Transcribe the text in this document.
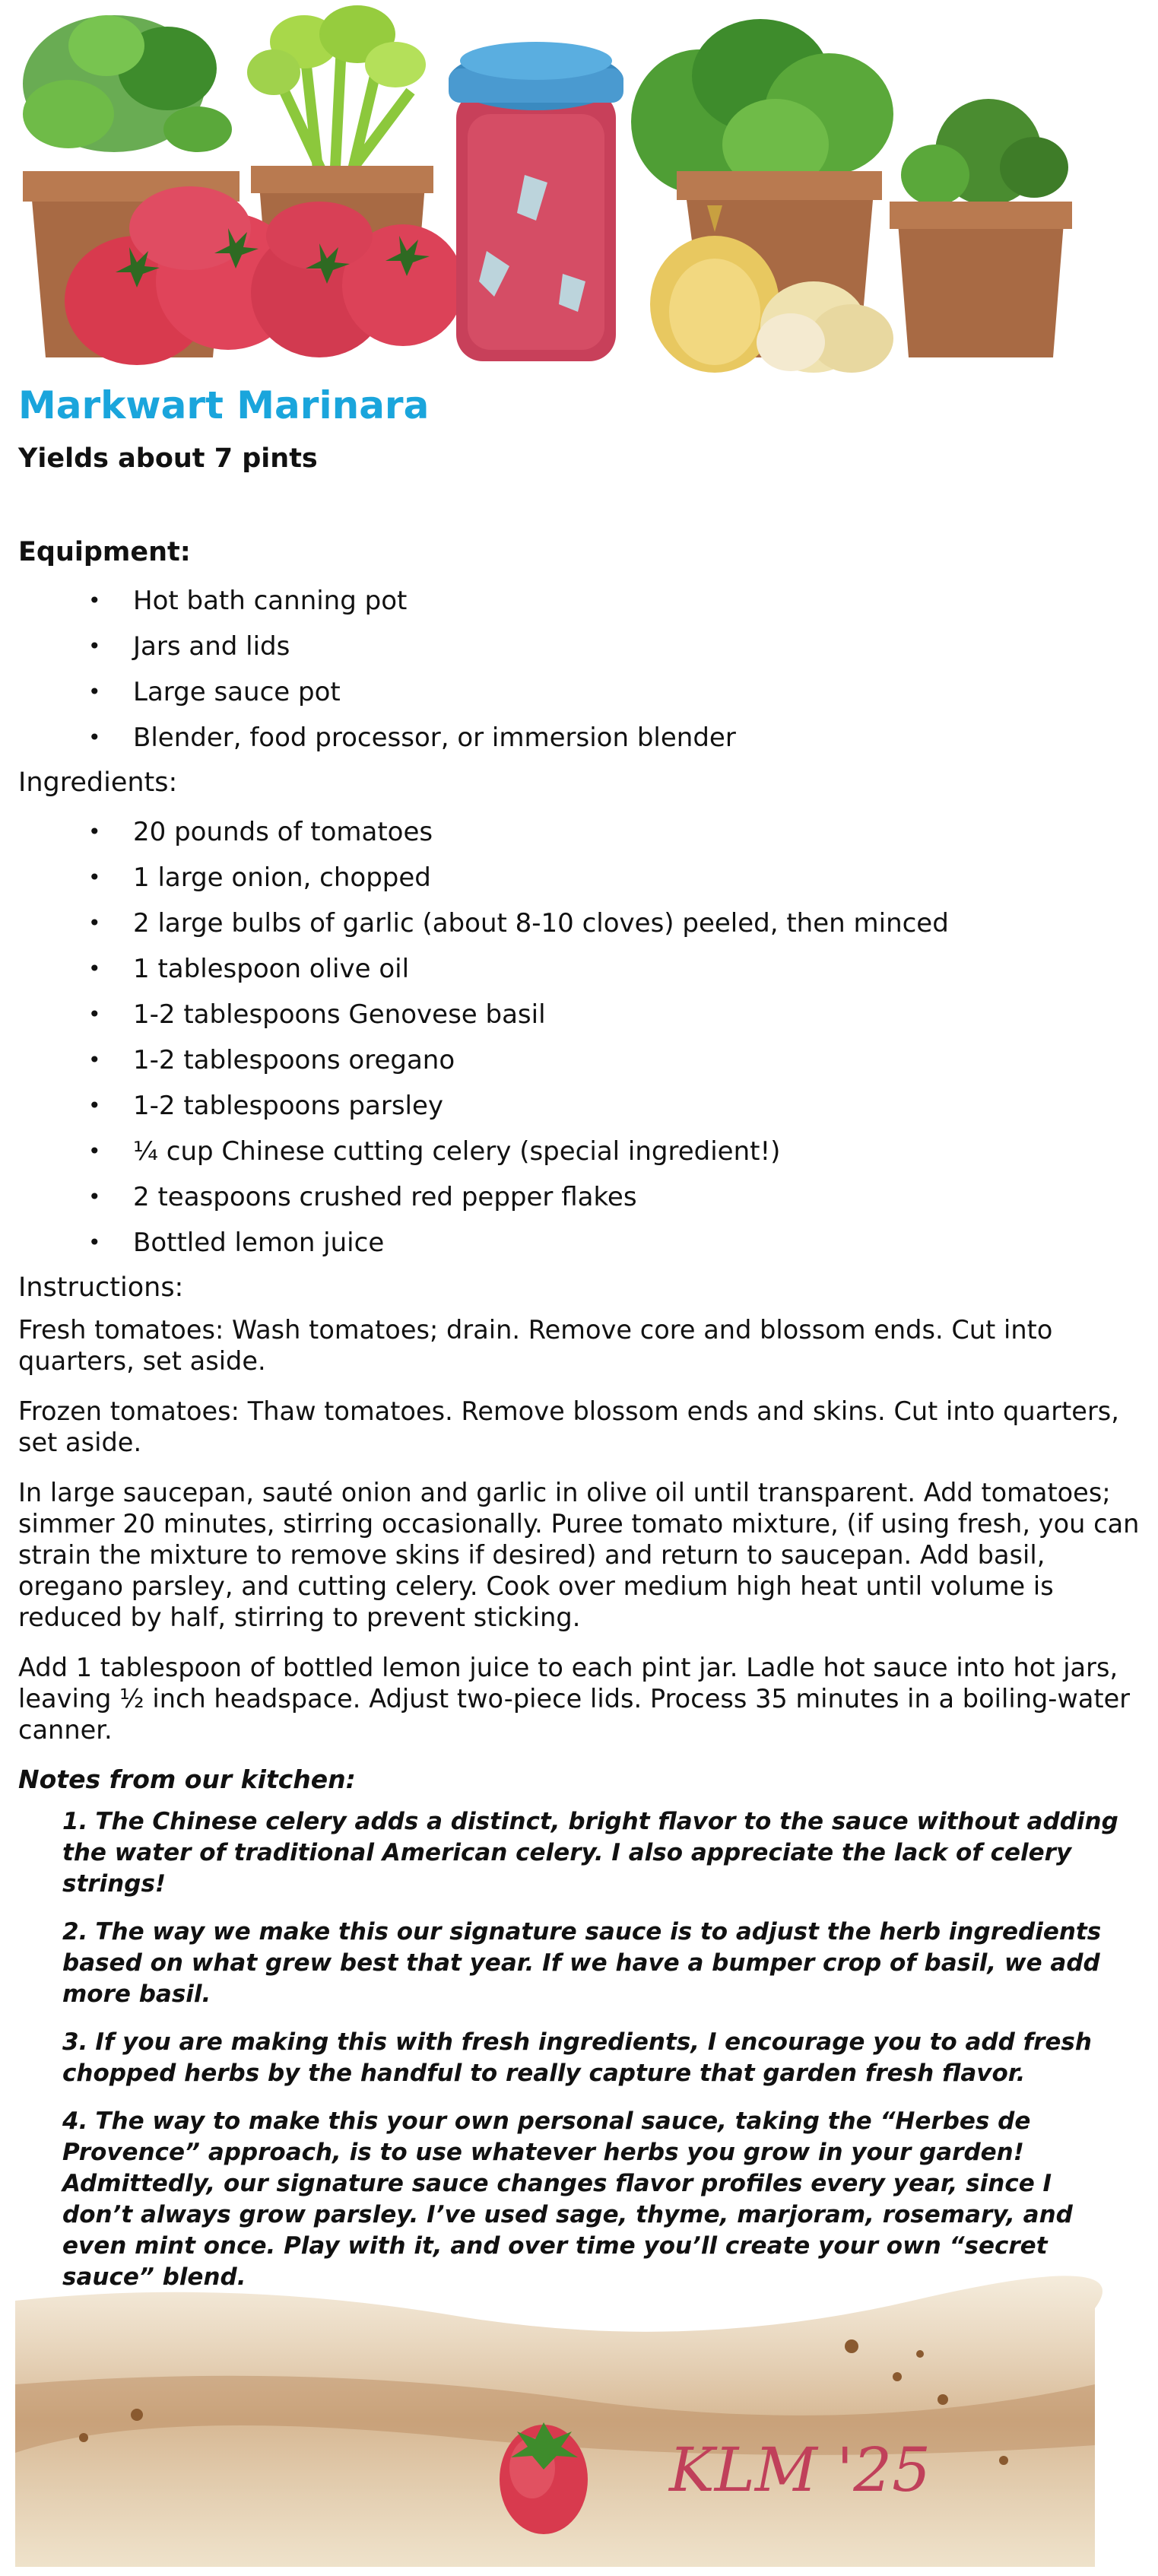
Markwart Marinara
Yields about 7 pints
Equipment:
• Hot bath canning pot
• Jars and lids
• Large sauce pot
• Blender, food processor, or immersion blender
Ingredients:
• 20 pounds of tomatoes
• 1 large onion, chopped
• 2 large bulbs of garlic (about 8-10 cloves) peeled, then minced
• 1 tablespoon olive oil
• 1-2 tablespoons Genovese basil
• 1-2 tablespoons oregano
• 1-2 tablespoons parsley
• ¼ cup Chinese cutting celery (special ingredient!)
• 2 teaspoons crushed red pepper flakes
• Bottled lemon juice
Instructions:

Fresh tomatoes: Wash tomatoes; drain. Remove core and blossom ends. Cut into quarters, set aside.

Frozen tomatoes: Thaw tomatoes. Remove blossom ends and skins. Cut into quarters, set aside.

In large saucepan, sauté onion and garlic in olive oil until transparent. Add tomatoes; simmer 20 minutes, stirring occasionally. Puree tomato mixture, (if using fresh, you can strain the mixture to remove skins if desired) and return to saucepan. Add basil, oregano parsley, and cutting celery. Cook over medium high heat until volume is reduced by half, stirring to prevent sticking.

Add 1 tablespoon of bottled lemon juice to each pint jar. Ladle hot sauce into hot jars, leaving ½ inch headspace. Adjust two-piece lids. Process 35 minutes in a boiling-water canner.

Notes from our kitchen:
1. The Chinese celery adds a distinct, bright flavor to the sauce without adding the water of traditional American celery. I also appreciate the lack of celery strings!
2. The way we make this our signature sauce is to adjust the herb ingredients based on what grew best that year. If we have a bumper crop of basil, we add more basil.
3. If you are making this with fresh ingredients, I encourage you to add fresh chopped herbs by the handful to really capture that garden fresh flavor.
4. The way to make this your own personal sauce, taking the “Herbes de Provence” approach, is to use whatever herbs you grow in your garden! Admittedly, our signature sauce changes flavor profiles every year, since I don’t always grow parsley. I’ve used sage, thyme, marjoram, rosemary, and even mint once. Play with it, and over time you’ll create your own “secret sauce” blend.
KLM '25
